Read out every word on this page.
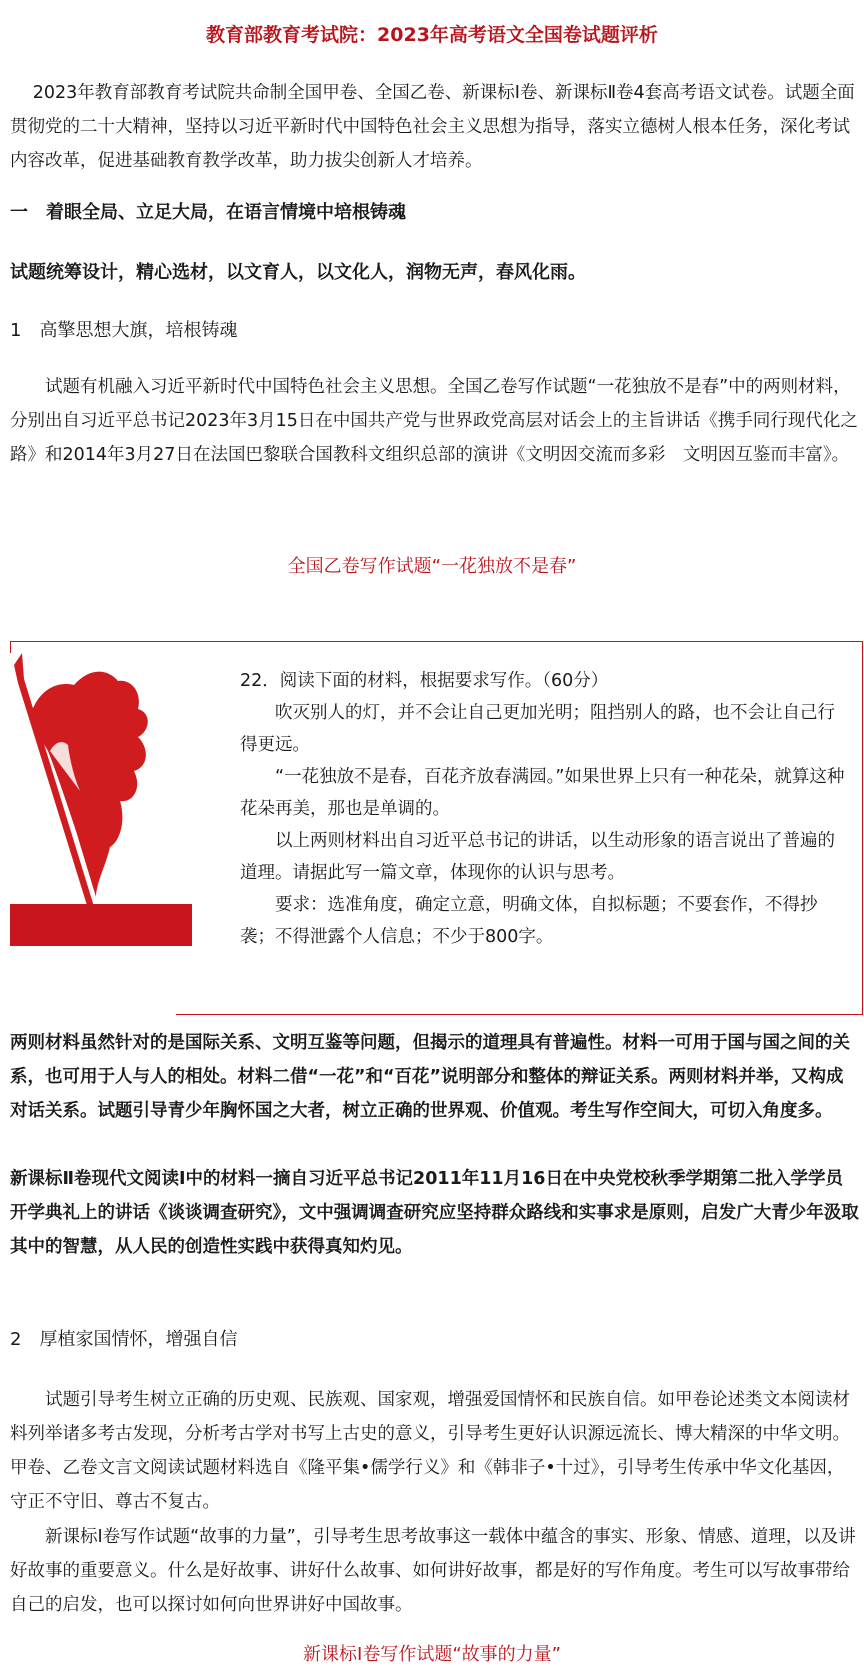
教育部教育考试院：2023年高考语文全国卷试题评析
2023年教育部教育考试院共命制全国甲卷、全国乙卷、新课标Ⅰ卷、新课标Ⅱ卷4套高考语文试卷。试题全面贯彻党的二十大精神，坚持以习近平新时代中国特色社会主义思想为指导，落实立德树人根本任务，深化考试内容改革，促进基础教育教学改革，助力拔尖创新人才培养。
一　着眼全局、立足大局，在语言情境中培根铸魂
试题统筹设计，精心选材，以文育人，以文化人，润物无声，春风化雨。
1　高擎思想大旗，培根铸魂
试题有机融入习近平新时代中国特色社会主义思想。全国乙卷写作试题“一花独放不是春”中的两则材料，分别出自习近平总书记2023年3月15日在中国共产党与世界政党高层对话会上的主旨讲话《携手同行现代化之路》和2014年3月27日在法国巴黎联合国教科文组织总部的演讲《文明因交流而多彩　文明因互鉴而丰富》。
全国乙卷写作试题“一花独放不是春”

22．阅读下面的材料，根据要求写作。（60分）

吹灭别人的灯，并不会让自己更加光明；阻挡别人的路，也不会让自己行得更远。

“一花独放不是春，百花齐放春满园。”如果世界上只有一种花朵，就算这种花朵再美，那也是单调的。

以上两则材料出自习近平总书记的讲话，以生动形象的语言说出了普遍的道理。请据此写一篇文章，体现你的认识与思考。

要求：选准角度，确定立意，明确文体，自拟标题；不要套作，不得抄袭；不得泄露个人信息；不少于800字。

两则材料虽然针对的是国际关系、文明互鉴等问题，但揭示的道理具有普遍性。材料一可用于国与国之间的关系，也可用于人与人的相处。材料二借“一花”和“百花”说明部分和整体的辩证关系。两则材料并举，又构成对话关系。试题引导青少年胸怀国之大者，树立正确的世界观、价值观。考生写作空间大，可切入角度多。
新课标Ⅱ卷现代文阅读Ⅰ中的材料一摘自习近平总书记2011年11月16日在中央党校秋季学期第二批入学学员开学典礼上的讲话《谈谈调查研究》，文中强调调查研究应坚持群众路线和实事求是原则，启发广大青少年汲取其中的智慧，从人民的创造性实践中获得真知灼见。
2　厚植家国情怀，增强自信
试题引导考生树立正确的历史观、民族观、国家观，增强爱国情怀和民族自信。如甲卷论述类文本阅读材料列举诸多考古发现，分析考古学对书写上古史的意义，引导考生更好认识源远流长、博大精深的中华文明。甲卷、乙卷文言文阅读试题材料选自《隆平集•儒学行义》和《韩非子•十过》，引导考生传承中华文化基因，守正不守旧、尊古不复古。
新课标Ⅰ卷写作试题“故事的力量”，引导考生思考故事这一载体中蕴含的事实、形象、情感、道理，以及讲好故事的重要意义。什么是好故事、讲好什么故事、如何讲好故事，都是好的写作角度。考生可以写故事带给自己的启发，也可以探讨如何向世界讲好中国故事。
新课标Ⅰ卷写作试题“故事的力量”
